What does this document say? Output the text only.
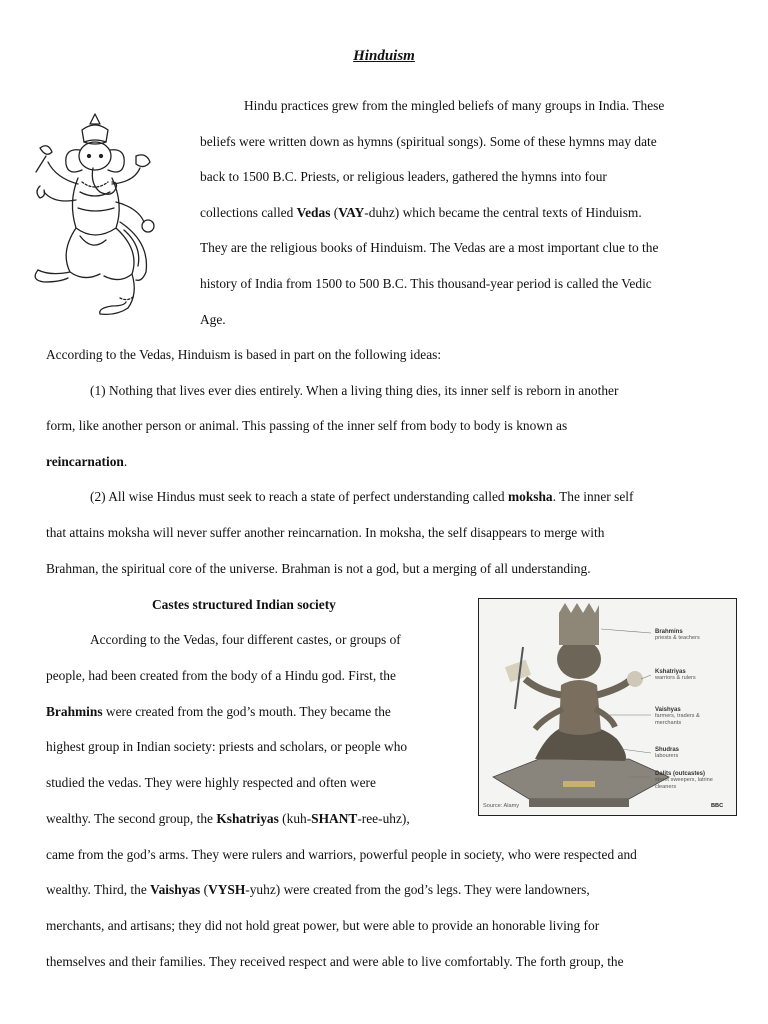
Hinduism
Hindu practices grew from the mingled beliefs of many groups in India. These
beliefs were written down as hymns (spiritual songs). Some of these hymns may date
back to 1500 B.C. Priests, or religious leaders, gathered the hymns into four
collections called Vedas (VAY-duhz) which became the central texts of Hinduism.
They are the religious books of Hinduism. The Vedas are a most important clue to the
history of India from 1500 to 500 B.C. This thousand-year period is called the Vedic
Age.
According to the Vedas, Hinduism is based in part on the following ideas:
(1) Nothing that lives ever dies entirely. When a living thing dies, its inner self is reborn in another
form, like another person or animal. This passing of the inner self from body to body is known as
reincarnation.
(2) All wise Hindus must seek to reach a state of perfect understanding called moksha. The inner self
that attains moksha will never suffer another reincarnation. In moksha, the self disappears to merge with
Brahman, the spiritual core of the universe. Brahman is not a god, but a merging of all understanding.
Castes structured Indian society
According to the Vedas, four different castes, or groups of
people, had been created from the body of a Hindu god. First, the
Brahmins were created from the god’s mouth. They became the
highest group in Indian society: priests and scholars, or people who
studied the vedas. They were highly respected and often were
wealthy. The second group, the Kshatriyas (kuh-SHANT-ree-uhz),
came from the god’s arms. They were rulers and warriors, powerful people in society, who were respected and
wealthy. Third, the Vaishyas (VYSH-yuhz) were created from the god’s legs. They were landowners,
merchants, and artisans; they did not hold great power, but were able to provide an honorable living for
themselves and their families. They received respect and were able to live comfortably. The forth group, the
Brahmins
priests & teachers
Kshatriyas
warriors & rulers
Vaishyas
farmers, traders & merchants
Shudras
labourers
Dalits (outcastes)
street sweepers, latrine cleaners
Source: Alamy	BBC
